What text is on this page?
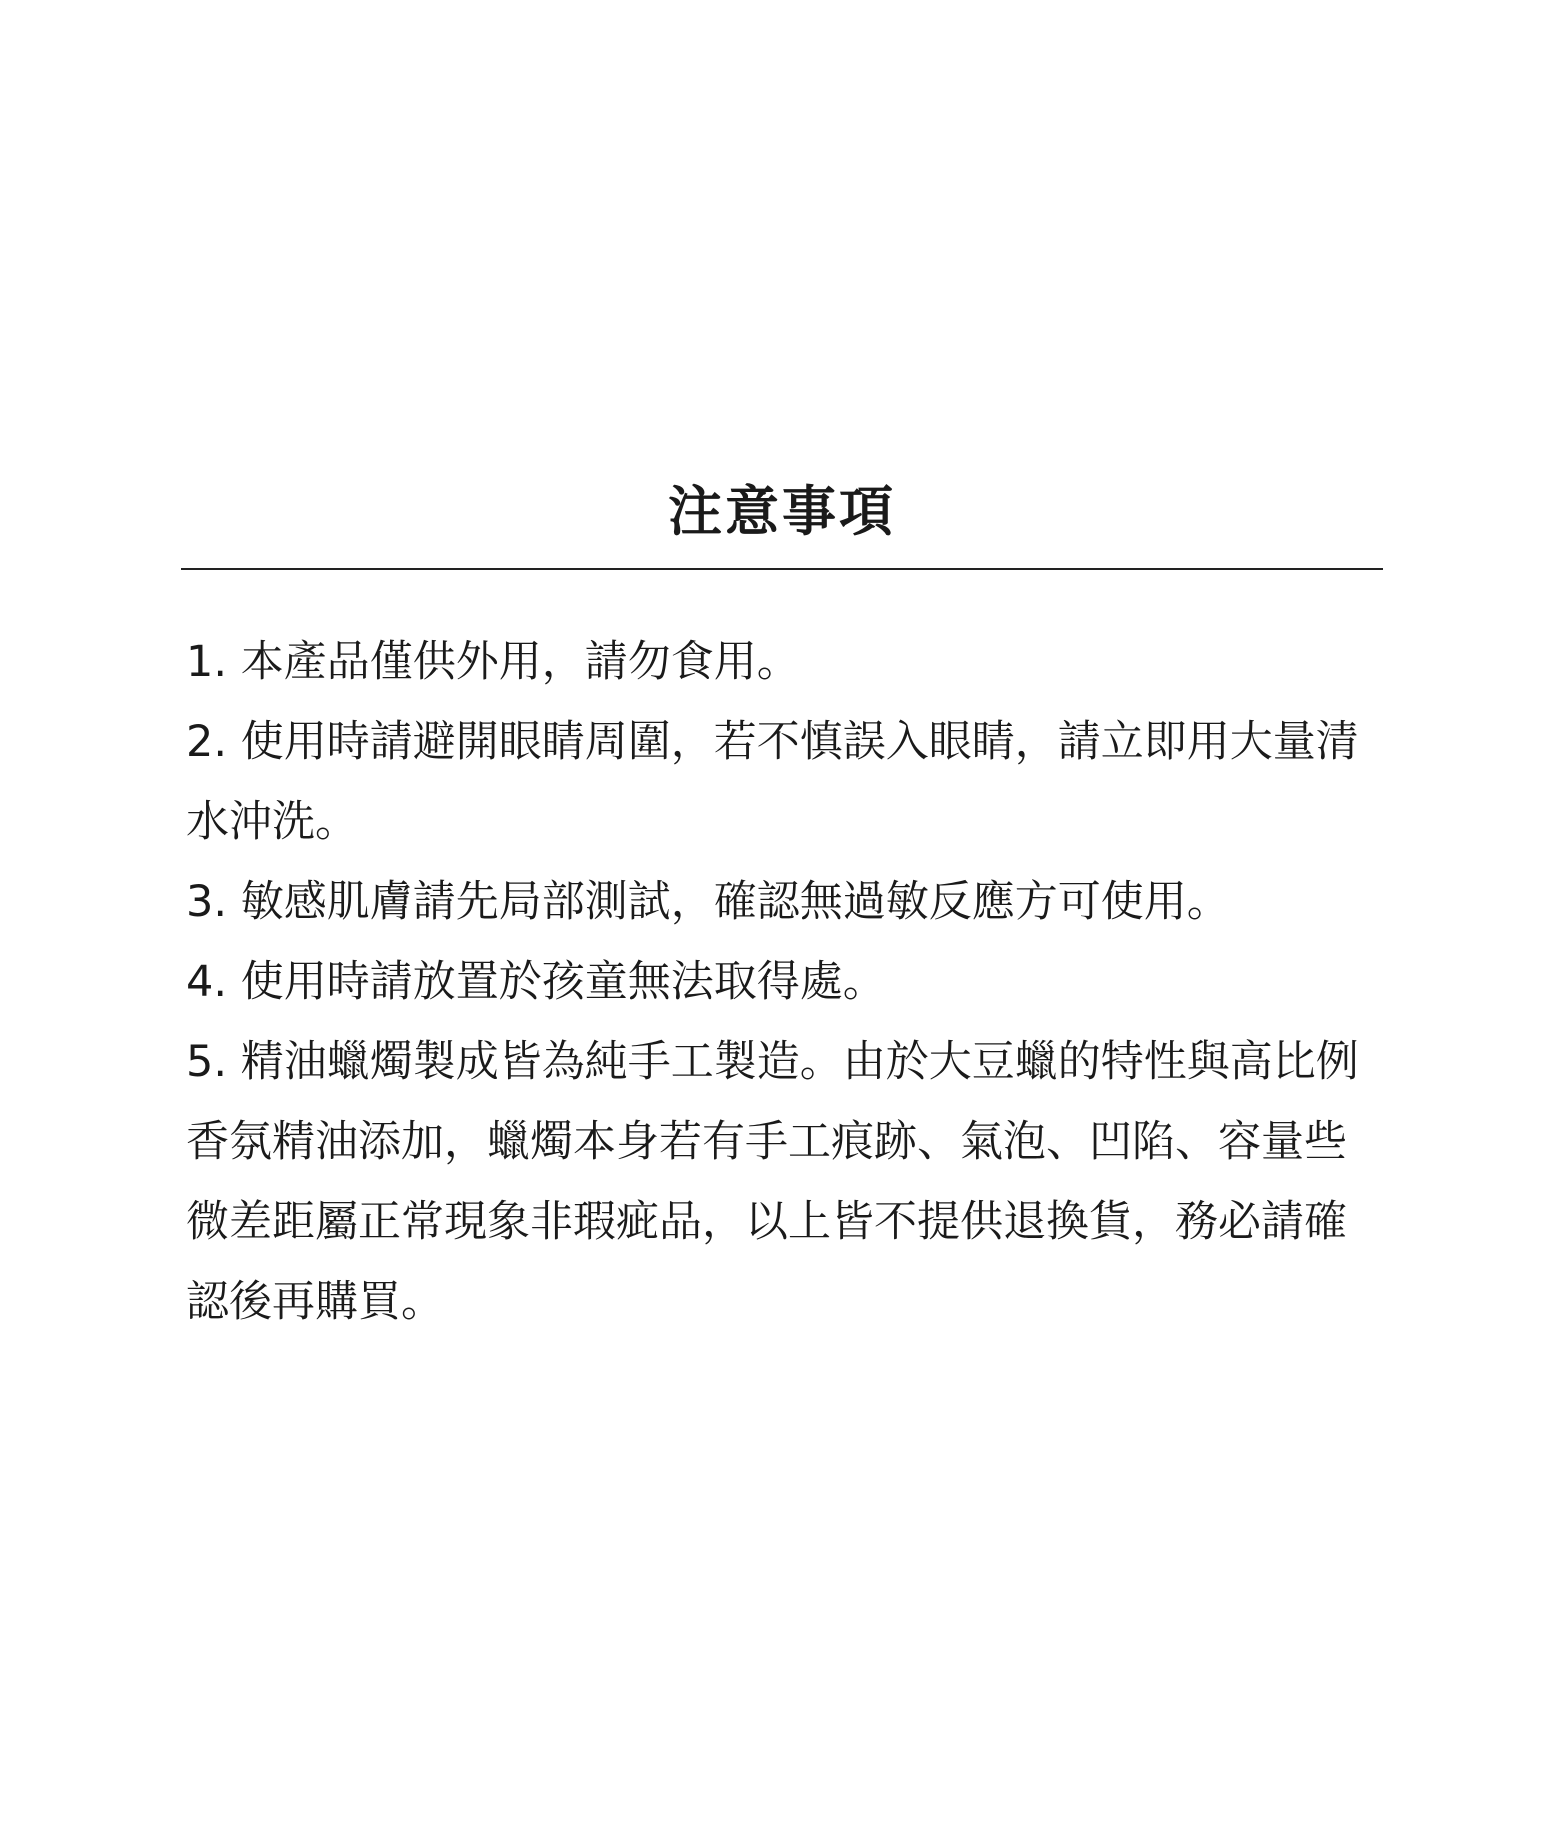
注意事項
1. 本產品僅供外用，請勿食用。
2. 使用時請避開眼睛周圍，若不慎誤入眼睛，請立即用大量清水沖洗。
3. 敏感肌膚請先局部測試，確認無過敏反應方可使用。
4. 使用時請放置於孩童無法取得處。
5. 精油蠟燭製成皆為純手工製造。由於大豆蠟的特性與高比例香氛精油添加，蠟燭本身若有手工痕跡、氣泡、凹陷、容量些微差距屬正常現象非瑕疵品，以上皆不提供退換貨，務必請確認後再購買。
